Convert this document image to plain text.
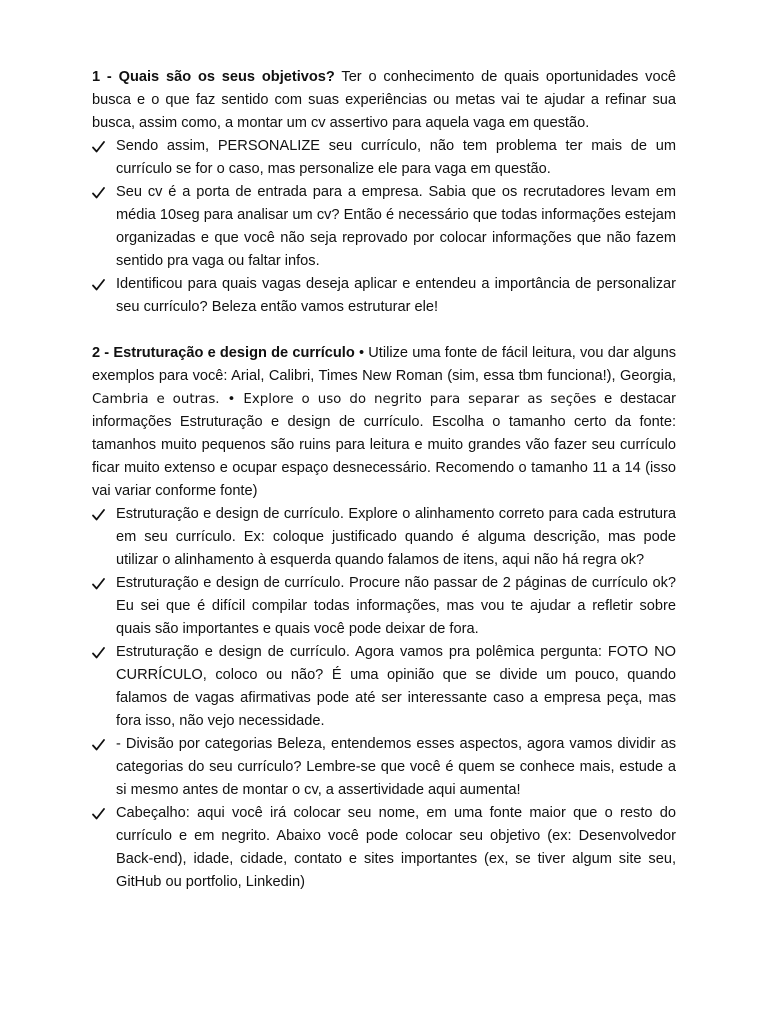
1 - Quais são os seus objetivos? Ter o conhecimento de quais oportunidades você busca e o que faz sentido com suas experiências ou metas vai te ajudar a refinar sua busca, assim como, a montar um cv assertivo para aquela vaga em questão.

Sendo assim, PERSONALIZE seu currículo, não tem problema ter mais de um currículo se for o caso, mas personalize ele para vaga em questão.
Seu cv é a porta de entrada para a empresa. Sabia que os recrutadores levam em média 10seg para analisar um cv? Então é necessário que todas informações estejam organizadas e que você não seja reprovado por colocar informações que não fazem sentido pra vaga ou faltar infos.
Identificou para quais vagas deseja aplicar e entendeu a importância de personalizar seu currículo? Beleza então vamos estruturar ele!

2 - Estruturação e design de currículo • Utilize uma fonte de fácil leitura, vou dar alguns exemplos para você: Arial, Calibri, Times New Roman (sim, essa tbm funciona!), Georgia, Cambria e outras. • Explore o uso do negrito para separar as seções e destacar informações Estruturação e design de currículo. Escolha o tamanho certo da fonte: tamanhos muito pequenos são ruins para leitura e muito grandes vão fazer seu currículo ficar muito extenso e ocupar espaço desnecessário. Recomendo o tamanho 11 a 14 (isso vai variar conforme fonte)

Estruturação e design de currículo. Explore o alinhamento correto para cada estrutura em seu currículo. Ex: coloque justificado quando é alguma descrição, mas pode utilizar o alinhamento à esquerda quando falamos de itens, aqui não há regra ok?
Estruturação e design de currículo. Procure não passar de 2 páginas de currículo ok? Eu sei que é difícil compilar todas informações, mas vou te ajudar a refletir sobre quais são importantes e quais você pode deixar de fora.
Estruturação e design de currículo. Agora vamos pra polêmica pergunta: FOTO NO CURRÍCULO, coloco ou não? É uma opinião que se divide um pouco, quando falamos de vagas afirmativas pode até ser interessante caso a empresa peça, mas fora isso, não vejo necessidade.
- Divisão por categorias Beleza, entendemos esses aspectos, agora vamos dividir as categorias do seu currículo? Lembre-se que você é quem se conhece mais, estude a si mesmo antes de montar o cv, a assertividade aqui aumenta!
Cabeçalho: aqui você irá colocar seu nome, em uma fonte maior que o resto do currículo e em negrito. Abaixo você pode colocar seu objetivo (ex: Desenvolvedor Back-end), idade, cidade, contato e sites importantes (ex, se tiver algum site seu, GitHub ou portfolio, Linkedin)
